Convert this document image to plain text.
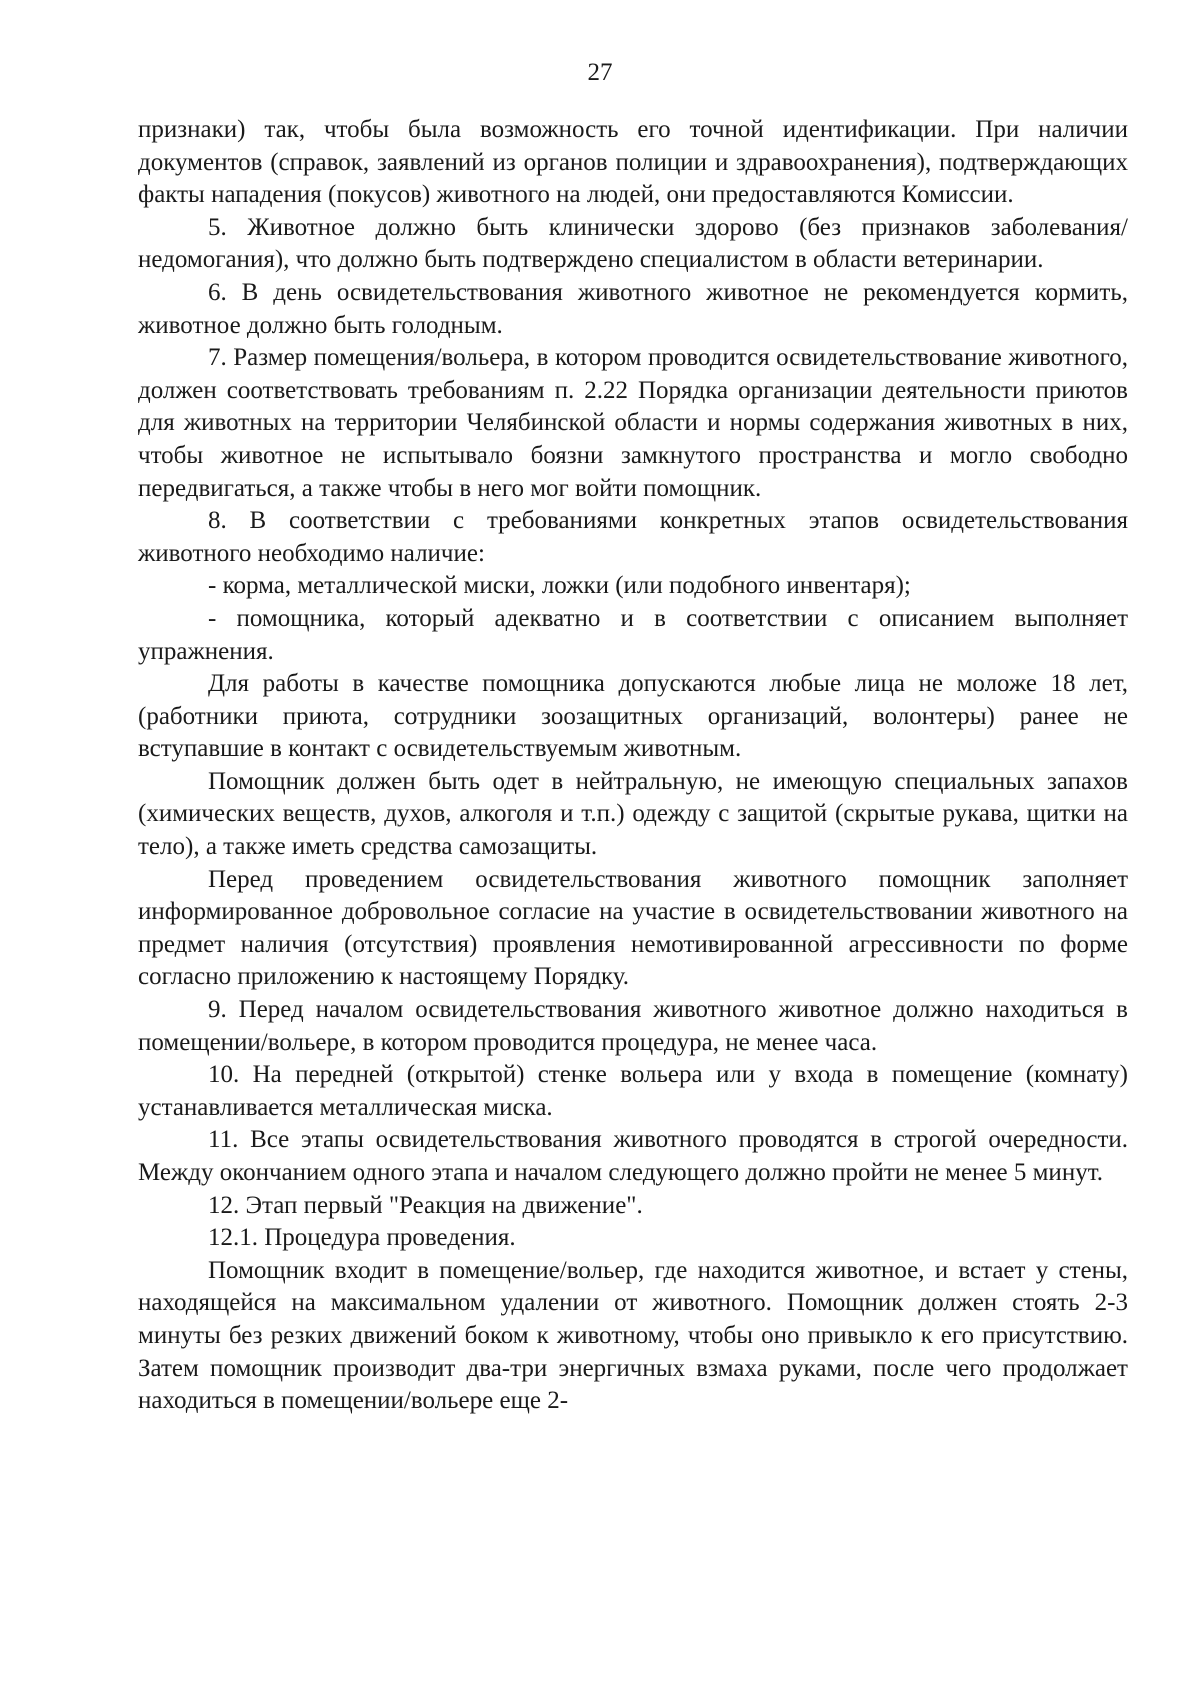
27

признаки) так, чтобы была возможность его точной идентификации. При наличии документов (справок, заявлений из органов полиции и здравоохранения), подтверждающих факты нападения (покусов) животного на людей, они предоставляются Комиссии.

5. Животное должно быть клинически здорово (без признаков заболевания/недомогания), что должно быть подтверждено специалистом в области ветеринарии.

6. В день освидетельствования животного животное не рекомендуется кормить, животное должно быть голодным.

7. Размер помещения/вольера, в котором проводится освидетельствование животного, должен соответствовать требованиям п. 2.22 Порядка организации деятельности приютов для животных на территории Челябинской области и нормы содержания животных в них, чтобы животное не испытывало боязни замкнутого пространства и могло свободно передвигаться, а также чтобы в него мог войти помощник.

8. В соответствии с требованиями конкретных этапов освидетельствования животного необходимо наличие:

- корма, металлической миски, ложки (или подобного инвентаря);

- помощника, который адекватно и в соответствии с описанием выполняет упражнения.

Для работы в качестве помощника допускаются любые лица не моложе 18 лет, (работники приюта, сотрудники зоозащитных организаций, волонтеры) ранее не вступавшие в контакт с освидетельствуемым животным.

Помощник должен быть одет в нейтральную, не имеющую специальных запахов (химических веществ, духов, алкоголя и т.п.) одежду с защитой (скрытые рукава, щитки на тело), а также иметь средства самозащиты.

Перед проведением освидетельствования животного помощник заполняет информированное добровольное согласие на участие в освидетельствовании животного на предмет наличия (отсутствия) проявления немотивированной агрессивности по форме согласно приложению к настоящему Порядку.

9. Перед началом освидетельствования животного животное должно находиться в помещении/вольере, в котором проводится процедура, не менее часа.

10. На передней (открытой) стенке вольера или у входа в помещение (комнату) устанавливается металлическая миска.

11. Все этапы освидетельствования животного проводятся в строгой очередности. Между окончанием одного этапа и началом следующего должно пройти не менее 5 минут.

12. Этап первый "Реакция на движение".

12.1. Процедура проведения.

Помощник входит в помещение/вольер, где находится животное, и встает у стены, находящейся на максимальном удалении от животного. Помощник должен стоять 2-3 минуты без резких движений боком к животному, чтобы оно привыкло к его присутствию. Затем помощник производит два-три энергичных взмаха руками, после чего продолжает находиться в помещении/вольере еще 2-
